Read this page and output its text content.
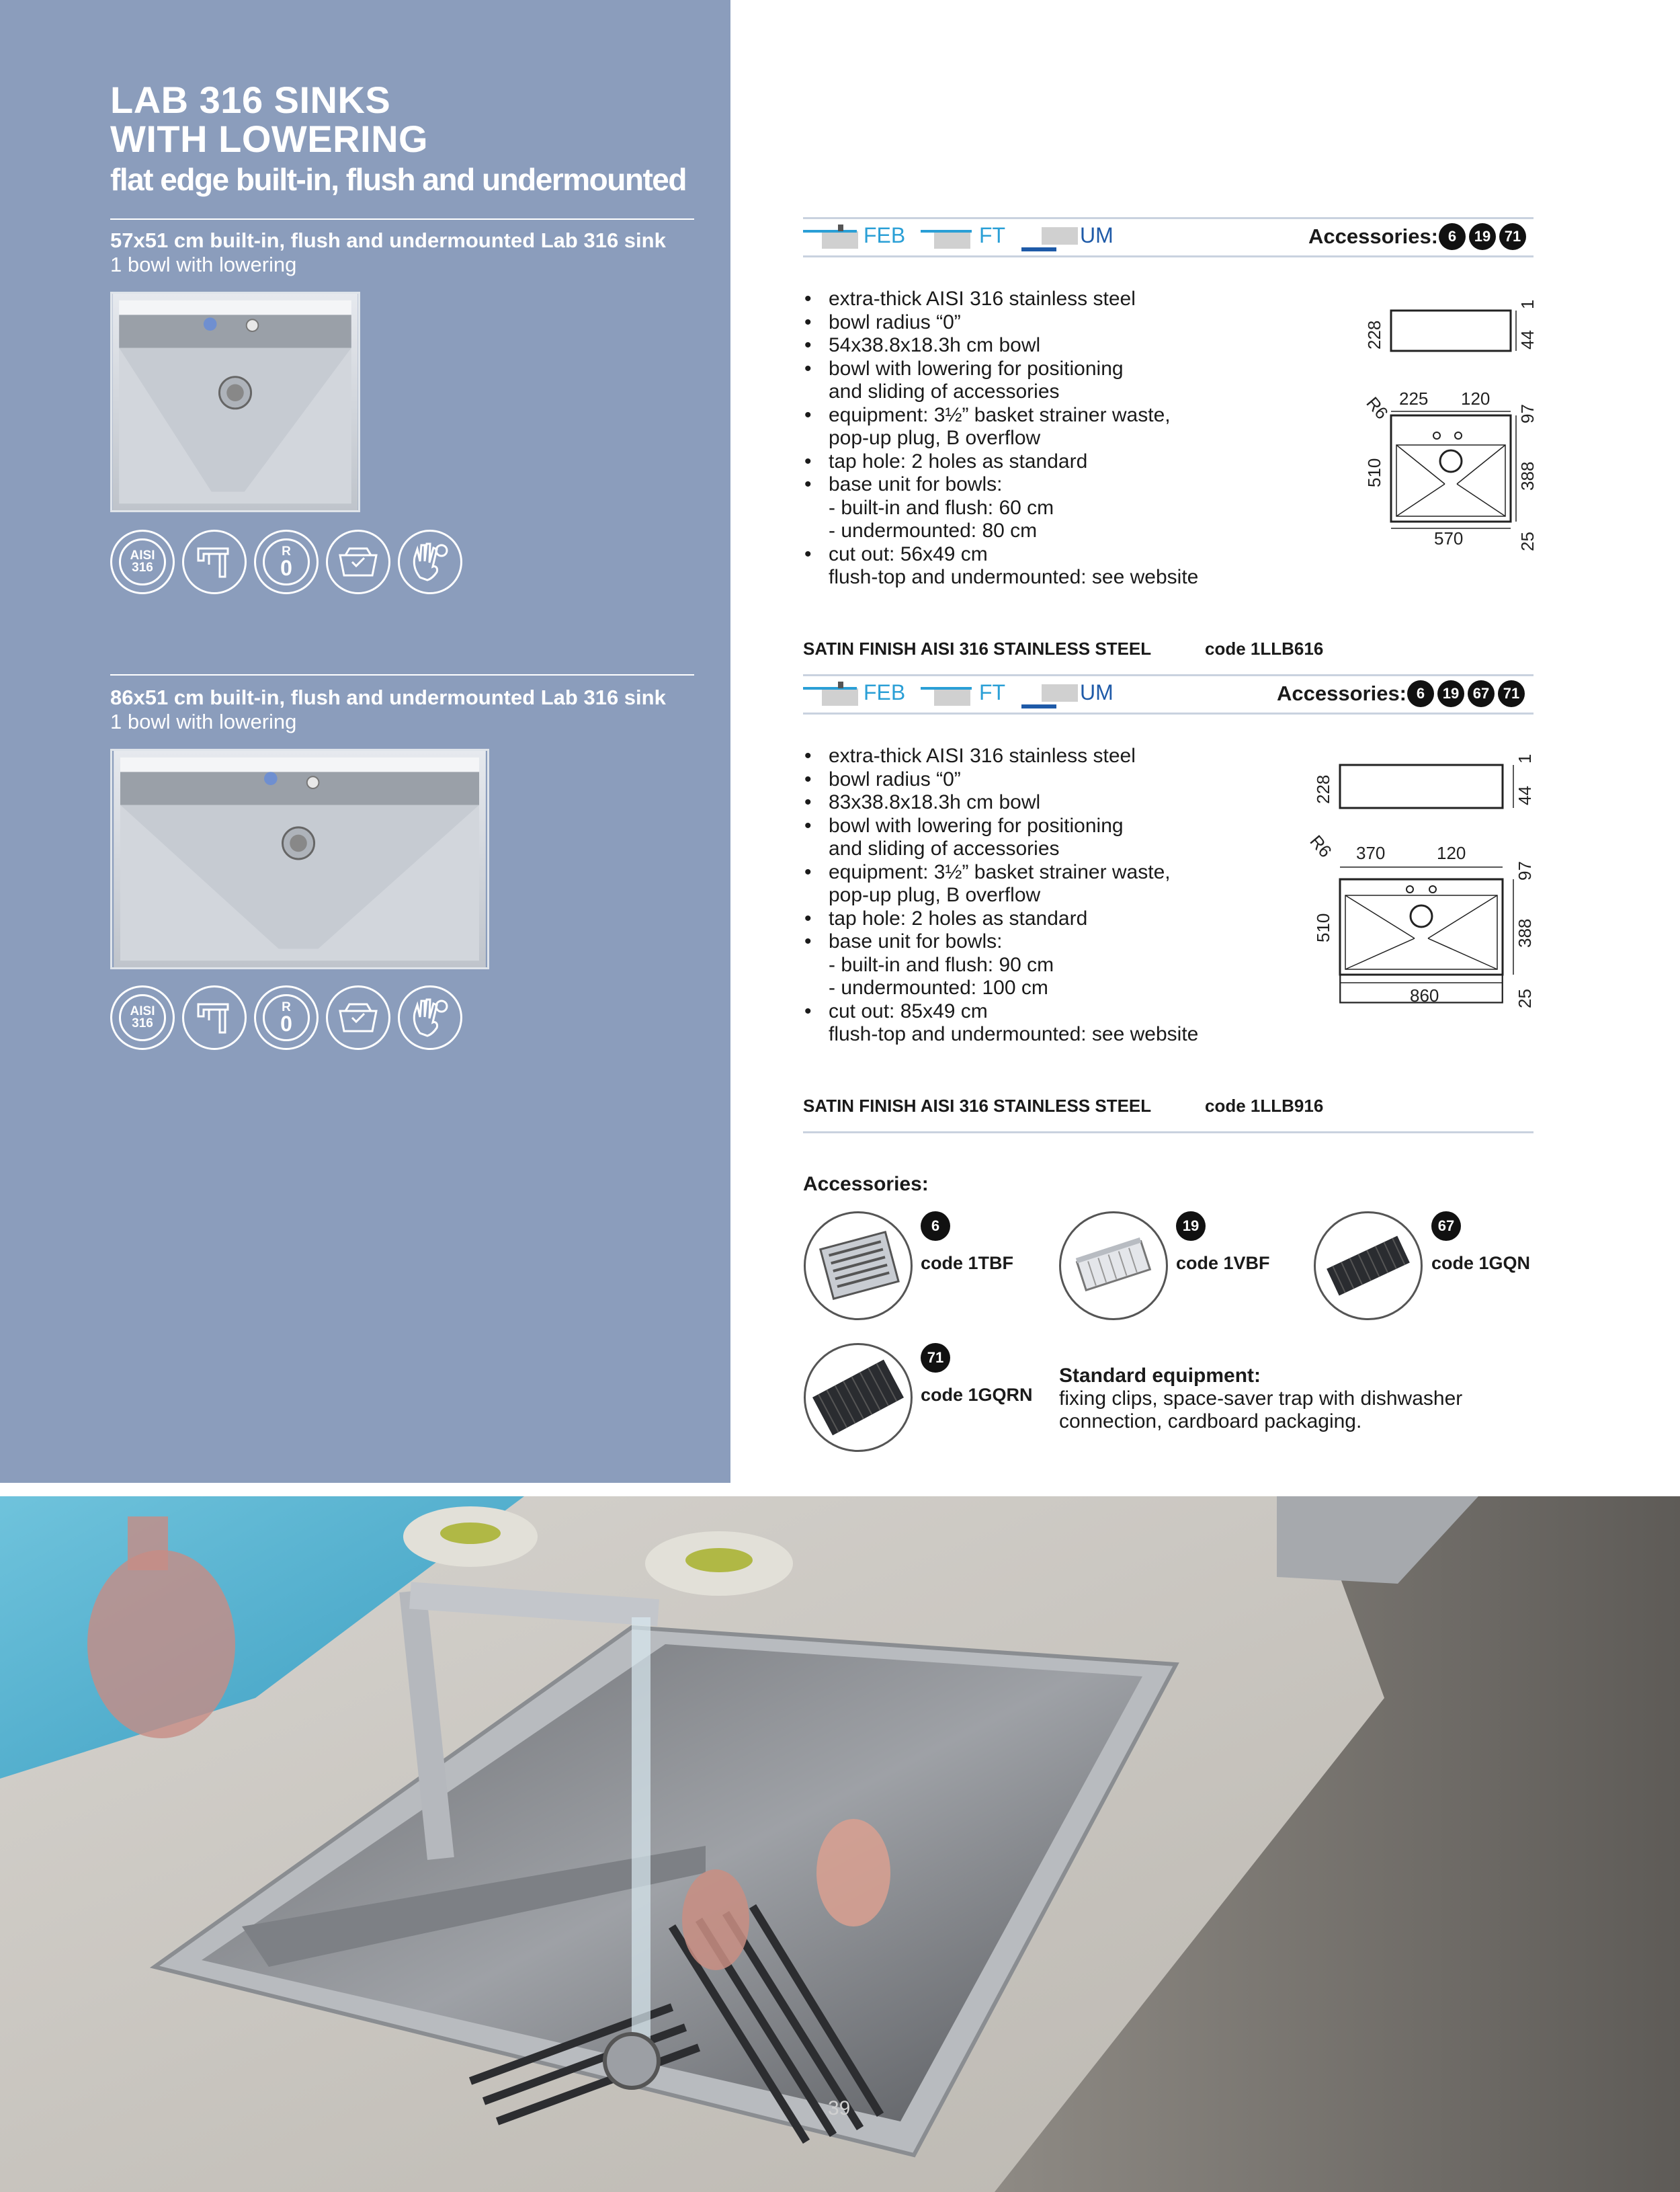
LAB 316 SINKS
WITH LOWERING
flat edge built-in, flush and undermounted
57x51 cm built-in, flush and undermounted Lab 316 sink
1 bowl with lowering
AISI
316
R
0
86x51 cm built-in, flush and undermounted Lab 316 sink
1 bowl with lowering
AISI
316
R
0
FEB	FT	UM	Accessories: 6	19 71
• extra-thick AISI 316 stainless steel
• bowl radius “0”
• 54x38.8x18.3h cm bowl
• bowl with lowering for positioning
and sliding of accessories
• equipment: 3½” basket strainer waste,
pop-up plug, B overflow
• tap hole: 2 holes as standard
• base unit for bowls:
- built-in and flush: 60 cm
- undermounted: 80 cm
• cut out: 56x49 cm
flush-top and undermounted: see website
228
1
44
R6 225 120
510
97
388
570	25
SATIN FINISH AISI 316 STAINLESS STEEL	code 1LLB616
FEB	FT	UM	Accessories: 6	19 67 71
• extra-thick AISI 316 stainless steel
• bowl radius “0”
• 83x38.8x18.3h cm bowl
• bowl with lowering for positioning
and sliding of accessories
• equipment: 3½” basket strainer waste,
pop-up plug, B overflow
• tap hole: 2 holes as standard
• base unit for bowls:
- built-in and flush: 90 cm
- undermounted: 100 cm
• cut out: 85x49 cm
flush-top and undermounted: see website
228
1
44
R6 370	120
510
97
388
860	25
SATIN FINISH AISI 316 STAINLESS STEEL	code 1LLB916
Accessories:
6
code 1TBF
19
code 1VBF
67
code 1GQN
71
code 1GQRN
Standard equipment:
fixing clips, space-saver trap with dishwasher
connection, cardboard packaging.
39
